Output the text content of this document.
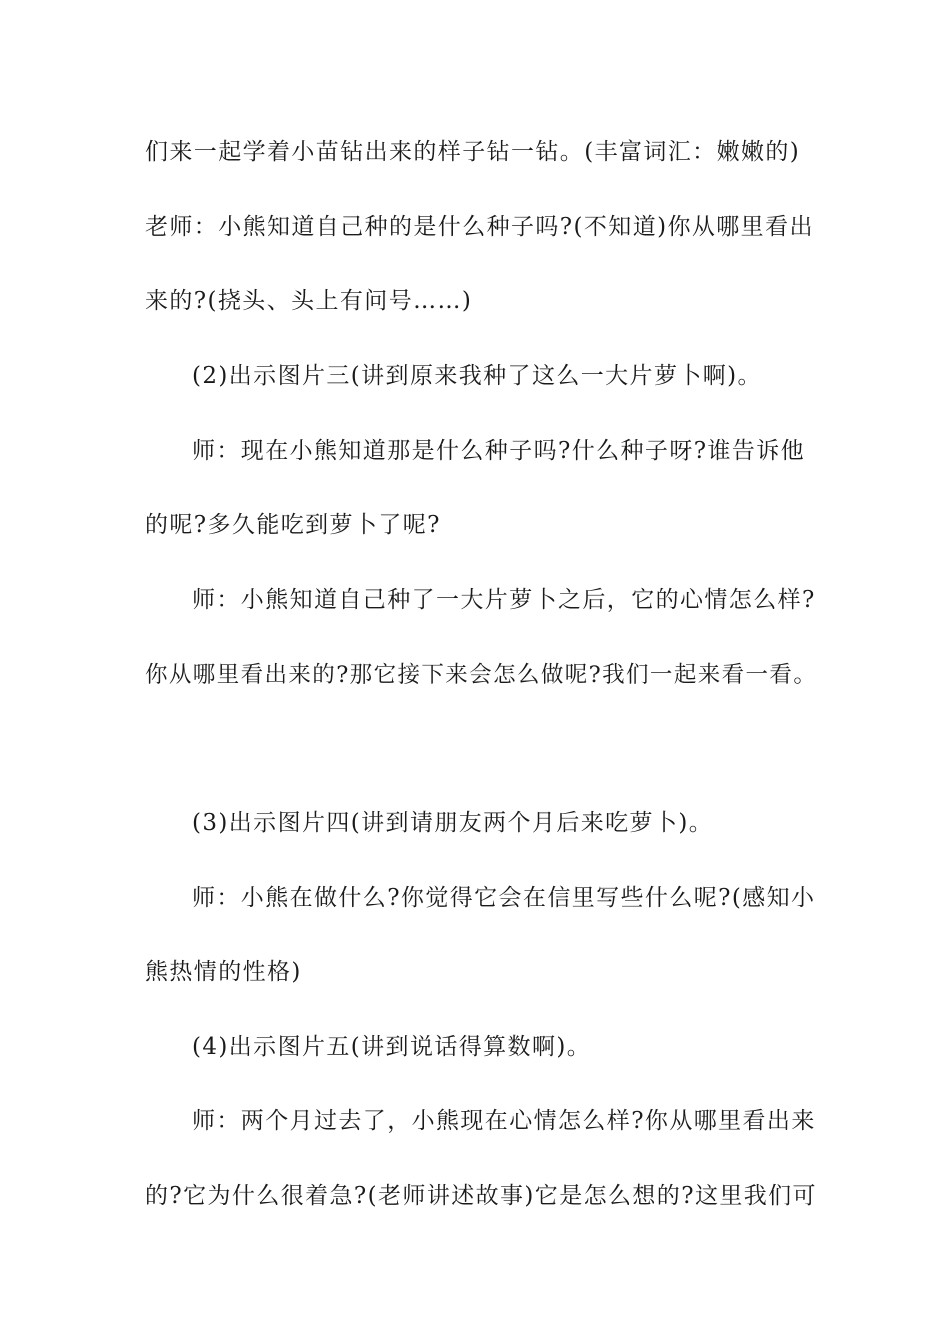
们来一起学着小苗钻出来的样子钻一钻。(丰富词汇：嫩嫩的)
老师：小熊知道自己种的是什么种子吗?(不知道)你从哪里看出
来的?(挠头、头上有问号……)
(2)出示图片三(讲到原来我种了这么一大片萝卜啊)。
师：现在小熊知道那是什么种子吗?什么种子呀?谁告诉他
的呢?多久能吃到萝卜了呢?
师：小熊知道自己种了一大片萝卜之后，它的心情怎么样?
你从哪里看出来的?那它接下来会怎么做呢?我们一起来看一看。
(3)出示图片四(讲到请朋友两个月后来吃萝卜)。
师：小熊在做什么?你觉得它会在信里写些什么呢?(感知小
熊热情的性格)
(4)出示图片五(讲到说话得算数啊)。
师：两个月过去了，小熊现在心情怎么样?你从哪里看出来
的?它为什么很着急?(老师讲述故事)它是怎么想的?这里我们可
